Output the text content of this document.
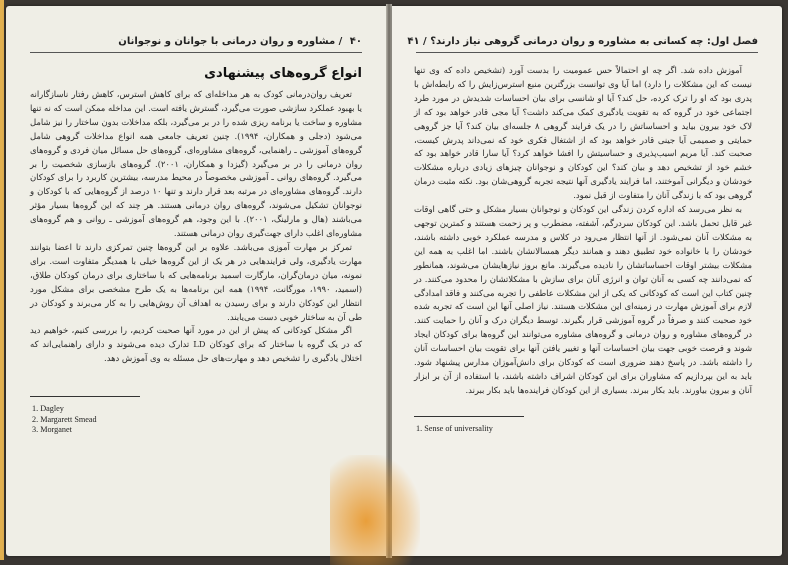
۴۰ / مشاوره و روان درمانی با جوانان و نوجوانان
انواع گروه‌های پیشنهادی

تعریف روان‌درمانی کودک به هر مداخله‌ای که برای کاهش استرس، کاهش رفتار ناسازگارانه یا بهبود عملکرد سازشی صورت می‌گیرد، گسترش یافته است. این مداخله ممکن است که نه تنها مشاوره و ساخت یا برنامه ریزی شده را در بر می‌گیرد، بلکه مداخلات بدون ساختار را نیز شامل می‌شود (دجلی و همکاران، ۱۹۹۴). چنین تعریف جامعی همه انواع مداخلات گروهی شامل گروه‌های آموزشی ـ راهنمایی، گروه‌های مشاوره‌ای، گروه‌های حل مسائل میان فردی و گروه‌های روان درمانی را در بر می‌گیرد (گیزدا و همکاران، ۲۰۰۱). گروه‌های بازسازی شخصیت را بر می‌گیرد. گروه‌های روانی ـ آموزشی مخصوصاً در محیط مدرسه، بیشترین کاربرد را برای کودکان دارند. گروه‌های مشاوره‌ای در مرتبه بعد قرار دارند و تنها ۱۰ درصد از گروه‌هایی که با کودکان و نوجوانان تشکیل می‌شوند، گروه‌های روان درمانی هستند. هر چند که این گروه‌ها بسیار مؤثر می‌باشند (هال و مارلینگ، ۲۰۰۱). با این وجود، هم گروه‌های آموزشی ـ روانی و هم گروه‌های مشاوره‌ای اغلب دارای جهت‌گیری روان درمانی هستند.

تمرکز بر مهارت آموزی می‌باشد. علاوه بر این گروه‌ها چنین تمرکزی دارند تا اعضا بتوانند مهارت یادگیری، ولی فرایندهایی در هر یک از این گروه‌ها خیلی با همدیگر متفاوت است. برای نمونه، میان درمان‌گران، مارگارت اسمید برنامه‌هایی که با ساختاری برای درمان کودکان طلاق، (اسمید، ۱۹۹۰، مورگانت، ۱۹۹۴) همه این برنامه‌ها به یک طرح مشخصی برای مشکل مورد انتظار این کودکان دارند و برای رسیدن به اهداف آن روش‌هایی را به کار می‌برند و کودکان در طی آن به ساختار خوبی دست می‌یابند.

اگر مشکل کودکانی که پیش از این در مورد آنها صحبت کردیم، را بررسی کنیم، خواهیم دید که در یک گروه با ساختار که برای کودکان LD تدارک دیده می‌شوند و دارای راهنمایی‌اند که اختلال یادگیری را تشخیص دهد و مهارت‌های حل مسئله به وی آموزش دهد.

1. Dagley
2. Margarett Smead
3. Morganet
فصل اول: چه کسانی به مشاوره و روان درمانی گروهی نیاز دارند؟ / ۴۱

آموزش داده شد. اگر چه او احتمالاً حس عمومیت را بدست آورد (تشخیص داده که وی تنها نیست که این مشکلات را دارد) اما آیا وی توانست بزرگترین منبع استرس‌زایش را که رابطه‌اش با پدری بود که او را ترک کرده، حل کند؟ آیا او شانسی برای بیان احساسات شدیدش در مورد طرد اجتماعی خود در گروه که به تقویت یادگیری کمک می‌کند داشت؟ آیا مجی قادر خواهد بود که از لاک خود بیرون بیاید و احساساتش را در یک فرایند گروهی ۸ جلسه‌ای بیان کند؟ آیا جز گروهی حمایتی و صمیمی آیا جینی قادر خواهد بود که از اشتغال فکری خود که نمی‌داند پدرش کیست، صحبت کند. آیا مریم اسیب‌پذیری و حساسیتش را افشا خواهد کرد؟ آیا سارا قادر خواهد بود که خشم خود از تشخیص دهد و بیان کند؟ این کودکان و نوجوانان چیزهای زیادی درباره مشکلات خودشان و دیگرانی آموختند، اما فرایند یادگیری آنها نتیجه تجربه گروهی‌شان بود. نکته مثبت درمان گروهی بود که با زندگی آنان را متفاوت از قبل نمود.

به نظر می‌رسد که اداره کردن زندگی این کودکان و نوجوانان بسیار مشکل و حتی گاهی اوقات غیر قابل تحمل باشد. این کودکان سردرگم، آشفته، مضطرب و پر زحمت هستند و کمترین توجهی به مشکلات آنان نمی‌شود. از آنها انتظار می‌رود در کلاس و مدرسه عملکرد خوبی داشته باشند، خودشان را با خانواده خود تطبیق دهند و همانند دیگر همسالانشان باشند. اما اغلب به همه این مشکلات بیشتر اوقات احساساتشان را نادیده می‌گیرند. مانع بروز نیازهایشان می‌شوند، همانطور که نمی‌دانند چه کسی به آنان توان و انرژی آنان برای سازش با مشکلاتشان را محدود می‌کنند. در چنین کتاب این است که کودکانی که یکی از این مشکلات عاطفی را تجربه می‌کنند و فاقد امدادگی لازم برای آموزش مهارت در زمینه‌ای این مشکلات هستند. نیاز اصلی آنها این است که تجربه شده خود صحبت کنند و صرفاً در گروه آموزشی قرار بگیرند. توسط دیگران درک و آنان را حمایت کنند. در گروه‌های مشاوره و روان درمانی و گروه‌های مشاوره می‌توانند این گروه‌ها برای کودکان ایجاد شوند و فرصت خوبی جهت بیان احساسات آنها و تغییر یافتن آنها برای تقویت بیان احساسات آنان را داشته باشد. در پاسخ دهند ضروری است که کودکان برای دانش‌آموزان مدارس پیشنهاد شود. باید به این بپردازیم که مشاوران برای این کودکان اشراف داشته باشند، با استفاده از آن بر ابزار آنان و بیرون بیاورند. باید بکار ببرند. بسیاری از این کودکان فراینده‌ها باید بکار ببرند.

1. Sense of universality
